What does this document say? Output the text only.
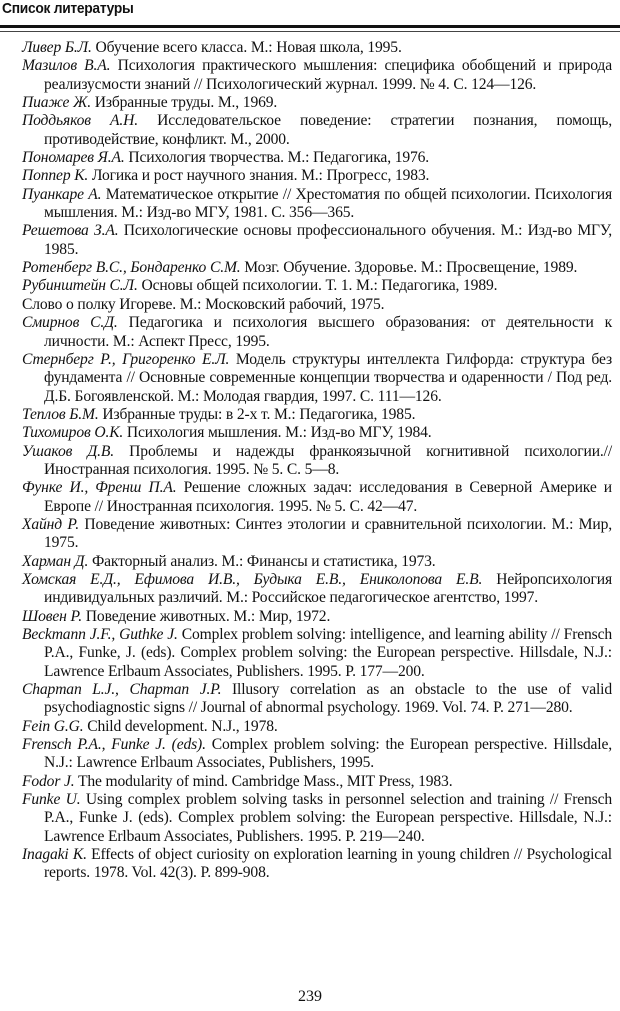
Список литературы
Ливер Б.Л. Обучение всего класса. М.: Новая школа, 1995.
Мазилов В.А. Психология практического мышления: специфика обобщений и природа реализусмости знаний // Психологический журнал. 1999. № 4. С. 124—126.
Пиаже Ж. Избранные труды. М., 1969.
Поддьяков А.Н. Исследовательское поведение: стратегии познания, помощь, противодействие, конфликт. М., 2000.
Пономарев Я.А. Психология творчества. М.: Педагогика, 1976.
Поппер К. Логика и рост научного знания. М.: Прогресс, 1983.
Пуанкаре А. Математическое открытие // Хрестоматия по общей психологии. Психология мышления. М.: Изд-во МГУ, 1981. С. 356—365.
Решетова З.А. Психологические основы профессионального обучения. М.: Изд-во МГУ, 1985.
Ротенберг В.С., Бондаренко С.М. Мозг. Обучение. Здоровье. М.: Просвещение, 1989.
Рубинштейн С.Л. Основы общей психологии. Т. 1. М.: Педагогика, 1989.
Слово о полку Игореве. М.: Московский рабочий, 1975.
Смирнов С.Д. Педагогика и психология высшего образования: от деятельности к личности. М.: Аспект Пресс, 1995.
Стернберг Р., Григоренко Е.Л. Модель структуры интеллекта Гилфорда: структура без фундамента // Основные современные концепции творчества и одаренности / Под ред. Д.Б. Богоявленской. М.: Молодая гвардия, 1997. С. 111—126.
Теплов Б.М. Избранные труды: в 2-х т. М.: Педагогика, 1985.
Тихомиров О.К. Психология мышления. М.: Изд-во МГУ, 1984.
Ушаков Д.В. Проблемы и надежды франкоязычной когнитивной психологии.// Иностранная психология. 1995. № 5. С. 5—8.
Функе И., Френш П.А. Решение сложных задач: исследования в Северной Америке и Европе // Иностранная психология. 1995. № 5. С. 42—47.
Хайнд Р. Поведение животных: Синтез этологии и сравнительной психологии. М.: Мир, 1975.
Харман Д. Факторный анализ. М.: Финансы и статистика, 1973.
Хомская Е.Д., Ефимова И.В., Будыка Е.В., Ениколопова Е.В. Нейропсихология индивидуальных различий. М.: Российское педагогическое агентство, 1997.
Шовен Р. Поведение животных. М.: Мир, 1972.
Beckmann J.F., Guthke J. Complex problem solving: intelligence, and learning ability // Frensch P.A., Funke, J. (eds). Complex problem solving: the European perspective. Hillsdale, N.J.: Lawrence Erlbaum Associates, Publishers. 1995. P. 177—200.
Chapman L.J., Chapman J.P. Illusory correlation as an obstacle to the use of valid psychodiagnostic signs // Journal of abnormal psychology. 1969. Vol. 74. P. 271—280.
Fein G.G. Child development. N.J., 1978.
Frensch P.A., Funke J. (eds). Complex problem solving: the European perspective. Hillsdale, N.J.: Lawrence Erlbaum Associates, Publishers, 1995.
Fodor J. The modularity of mind. Cambridge Mass., MIT Press, 1983.
Funke U. Using complex problem solving tasks in personnel selection and training // Frensch P.A., Funke J. (eds). Complex problem solving: the European perspective. Hillsdale, N.J.: Lawrence Erlbaum Associates, Publishers. 1995. P. 219—240.
Inagaki K. Effects of object curiosity on exploration learning in young children // Psychological reports. 1978. Vol. 42(3). P. 899-908.
239
